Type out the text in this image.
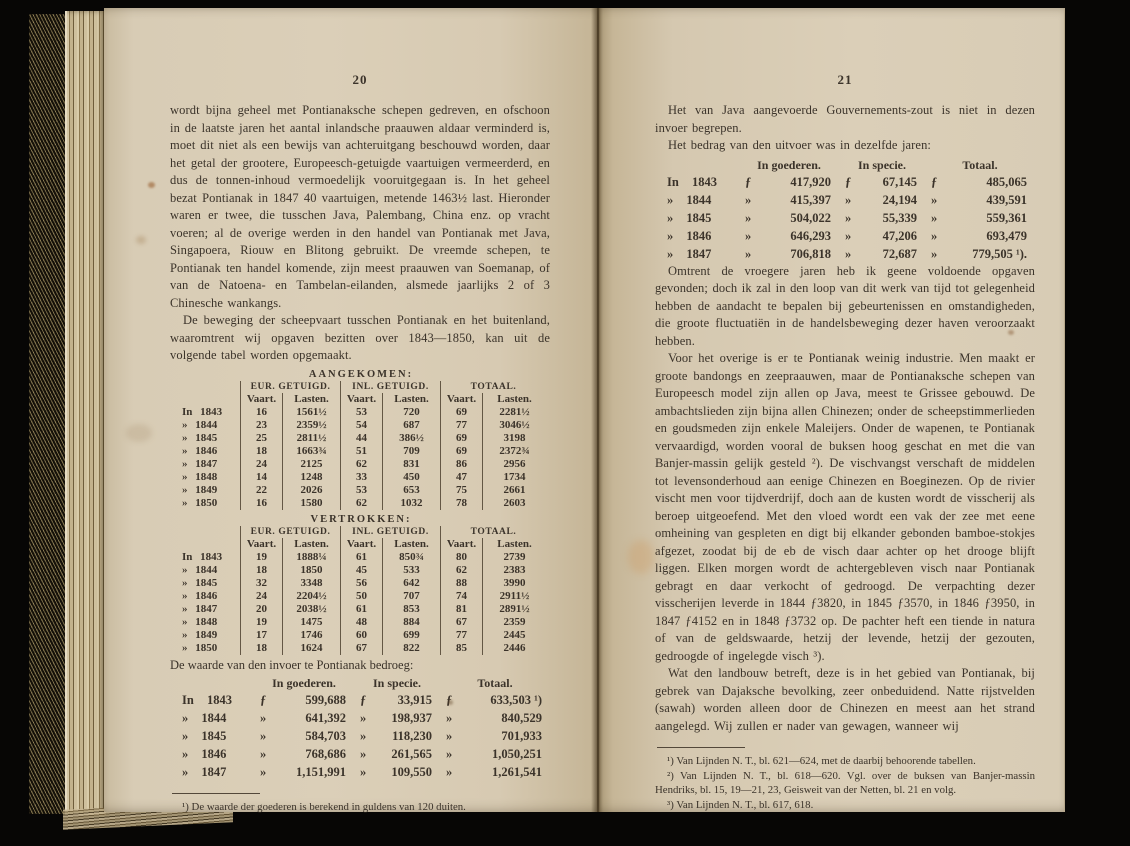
20

wordt bijna geheel met Pontianaksche schepen gedreven, en ofschoon in de laatste jaren het aantal inlandsche praauwen aldaar verminderd is, moet dit niet als een bewijs van achteruitgang beschouwd worden, daar het getal der grootere, Europeesch-getuigde vaartuigen vermeerderd, en dus de tonnen-inhoud vermoedelijk vooruitgegaan is. In het geheel bezat Pontianak in 1847 40 vaartuigen, metende 1463½ last. Hieronder waren er twee, die tusschen Java, Palembang, China enz. op vracht voeren; al de overige werden in den handel van Pontianak met Java, Singapoera, Riouw en Blitong gebruikt. De vreemde schepen, te Pontianak ten handel komende, zijn meest praauwen van Soemanap, of van de Natoena- en Tambelan-eilanden, alsmede jaarlijks 2 of 3 Chinesche wankangs.

De beweging der scheepvaart tusschen Pontianak en het buitenland, waaromtrent wij opgaven bezitten over 1843—1850, kan uit de volgende tabel worden opgemaakt.

AANGEKOMEN:
EUR. GETUIGD.	INL. GETUIGD.	TOTAAL.
Vaart.	Lasten.	Vaart.	Lasten.	Vaart.	Lasten.
In 1843	16	1561½	53	720	69	2281½
» 1844	23	2359½	54	687	77	3046½
» 1845	25	2811½	44	386½	69	3198
» 1846	18	1663¾	51	709	69	2372¾
» 1847	24	2125	62	831	86	2956
» 1848	14	1248	33	450	47	1734
» 1849	22	2026	53	653	75	2661
» 1850	16	1580	62	1032	78	2603
VERTROKKEN:
EUR. GETUIGD.	INL. GETUIGD.	TOTAAL.
Vaart.	Lasten.	Vaart.	Lasten.	Vaart.	Lasten.
In 1843	19	1888¼	61	850¾	80	2739
» 1844	18	1850	45	533	62	2383
» 1845	32	3348	56	642	88	3990
» 1846	24	2204½	50	707	74	2911½
» 1847	20	2038½	61	853	81	2891½
» 1848	19	1475	48	884	67	2359
» 1849	17	1746	60	699	77	2445
» 1850	18	1624	67	822	85	2446
De waarde van den invoer te Pontianak bedroeg:
In goederen.	In specie.	Totaal.
In 1843	ƒ	599,688 ƒ	33,915 ƒ	633,503 ¹)
» 1844	»	641,392 » 198,937 »	840,529
» 1845	»	584,703 » 118,230 »	701,933
» 1846	»	768,686 » 261,565 »	1,050,251
» 1847	» 1,151,991 » 109,550 »	1,261,541

¹) De waarde der goederen is berekend in guldens van 120 duiten.

21

Het van Java aangevoerde Gouvernements-zout is niet in dezen invoer begrepen.

Het bedrag van den uitvoer was in dezelfde jaren:

In goederen.	In specie.	Totaal.
In 1843	ƒ	417,920 ƒ	67,145 ƒ	485,065
» 1844	»	415,397 »	24,194 »	439,591
» 1845	»	504,022 »	55,339 »	559,361
» 1846	»	646,293 »	47,206 »	693,479
» 1847	»	706,818 »	72,687 »	779,505 ¹).

Omtrent de vroegere jaren heb ik geene voldoende opgaven gevonden; doch ik zal in den loop van dit werk van tijd tot gelegenheid hebben de aandacht te bepalen bij gebeurtenissen en omstandigheden, die groote fluctuatiën in de handelsbeweging dezer haven veroorzaakt hebben.

Voor het overige is er te Pontianak weinig industrie. Men maakt er groote bandongs en zeepraauwen, maar de Pontianaksche schepen van Europeesch model zijn allen op Java, meest te Grissee gebouwd. De ambachtslieden zijn bijna allen Chinezen; onder de scheepstimmerlieden en goudsmeden zijn enkele Maleijers. Onder de wapenen, te Pontianak vervaardigd, worden vooral de buksen hoog geschat en met die van Banjer-massin gelijk gesteld ²). De vischvangst verschaft de middelen tot levensonderhoud aan eenige Chinezen en Boeginezen. Op de rivier vischt men voor tijdverdrijf, doch aan de kusten wordt de visscherij als beroep uitgeoefend. Met den vloed wordt een vak der zee met eene omheining van gespleten en digt bij elkander gebonden bamboe-stokjes afgezet, zoodat bij de eb de visch daar achter op het drooge blijft liggen. Elken morgen wordt de achtergebleven visch naar Pontianak gebragt en daar verkocht of gedroogd. De verpachting dezer visscherijen leverde in 1844 ƒ3820, in 1845 ƒ3570, in 1846 ƒ3950, in 1847 ƒ4152 en in 1848 ƒ3732 op. De pachter heft een tiende in natura of van de geldswaarde, hetzij der levende, hetzij der gezouten, gedroogde of ingelegde visch ³).

Wat den landbouw betreft, deze is in het gebied van Pontianak, bij gebrek van Dajaksche bevolking, zeer onbeduidend. Natte rijstvelden (sawah) worden alleen door de Chinezen en meest aan het strand aangelegd. Wij zullen er nader van gewagen, wanneer wij

¹) Van Lijnden N. T., bl. 621—624, met de daarbij behoorende tabellen.

²) Van Lijnden N. T., bl. 618—620. Vgl. over de buksen van Banjer-massin Hendriks, bl. 15, 19—21, 23, Geisweit van der Netten, bl. 21 en volg.

³) Van Lijnden N. T., bl. 617, 618.
